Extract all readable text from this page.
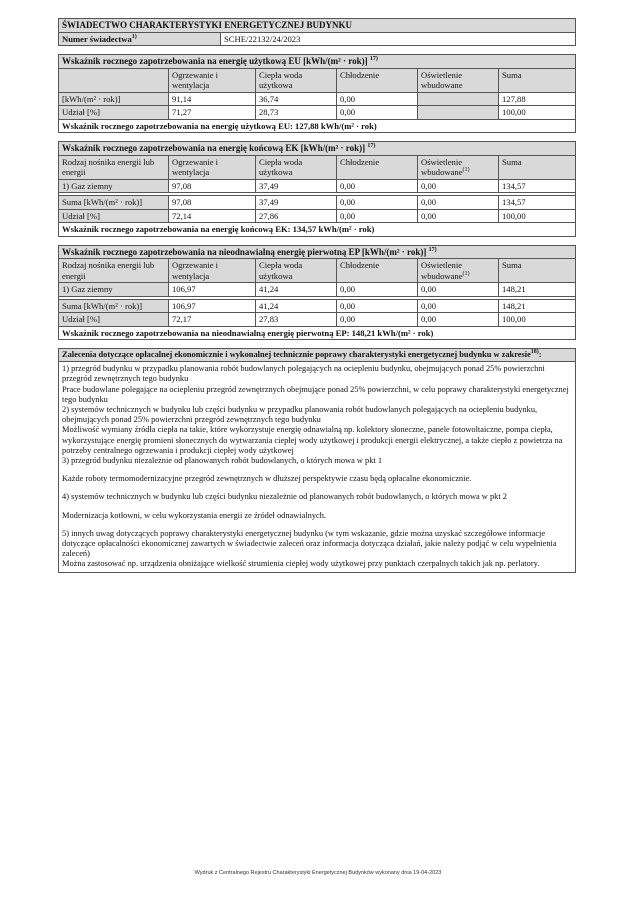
ŚWIADECTWO CHARAKTERYSTYKI ENERGETYCZNEJ BUDYNKU
Numer świadectwa$^{1)}$	SCHE/22132/24/2023
Wskaźnik rocznego zapotrzebowania na energię użytkową EU [kWh/(m² · rok)] $^{17)}$
	Ogrzewanie i wentylacja	Ciepła woda użytkowa	Chłodzenie	Oświetlenie wbudowane	Suma
[kWh/(m² · rok)]	91,14	36,74	0,00		127,88
Udział [%]	71,27	28,73	0,00		100,00
Wskaźnik rocznego zapotrzebowania na energię użytkową EU: 127,88 kWh/(m² · rok)					
Wskaźnik rocznego zapotrzebowania na energię końcową EK [kWh/(m² · rok)] $^{17)}$
Rodzaj nośnika energii lub energii	Ogrzewanie i wentylacja	Ciepła woda użytkowa	Chłodzenie	Oświetlenie wbudowane$^{(1)}$	Suma
1) Gaz ziemny	97,08	37,49	0,00	0,00	134,57

Suma [kWh/(m² · rok)]	97,08	37,49	0,00	0,00	134,57
Udział [%]	72,14	27,86	0,00	0,00	100,00
Wskaźnik rocznego zapotrzebowania na energię końcową EK: 134,57 kWh/(m² · rok)					
Wskaźnik rocznego zapotrzebowania na nieodnawialną energię pierwotną EP [kWh/(m² · rok)] $^{17)}$
Rodzaj nośnika energii lub energii	Ogrzewanie i wentylacja	Ciepła woda użytkowa	Chłodzenie	Oświetlenie wbudowane$^{(1)}$	Suma
1) Gaz ziemny	106,97	41,24	0,00	0,00	148,21

Suma [kWh/(m² · rok)]	106,97	41,24	0,00	0,00	148,21
Udział [%]	72,17	27,83	0,00	0,00	100,00
Wskaźnik rocznego zapotrzebowania na nieodnawialną energię pierwotną EP: 148,21 kWh/(m² · rok)					
Zalecenia dotyczące opłacalnej ekonomicznie i wykonalnej technicznie poprawy charakterystyki energetycznej budynku w zakresie$^{18)}$:

1) przegród budynku w przypadku planowania robót budowlanych polegających na ociepleniu budynku, obejmujących ponad 25% powierzchni przegród zewnętrznych tego budynku
Prace budowlane polegające na ociepleniu przegród zewnętrznych obejmujące ponad 25% powierzchni, w celu poprawy charakterystyki energetycznej tego budynku
2) systemów technicznych w budynku lub części budynku w przypadku planowania robót budowlanych polegających na ociepleniu budynku, obejmujących ponad 25% powierzchni przegród zewnętrznych tego budynku
Możliwość wymiany źródła ciepła na takie, które wykorzystuje energię odnawialną np. kolektory słoneczne, panele fotowoltaiczne, pompa ciepła, wykorzystujące energię promieni słonecznych do wytwarzania ciepłej wody użytkowej i produkcji energii elektrycznej, a także ciepło z powietrza na potrzeby centralnego ogrzewania i produkcji ciepłej wody użytkowej
3) przegród budynku niezależnie od planowanych robót budowlanych, o których mowa w pkt 1
Każde roboty termomodernizacyjne przegród zewnętrznych w dłuższej perspektywie czasu będą opłacalne ekonomicznie.
4) systemów technicznych w budynku lub części budynku niezależnie od planowanych robót budowlanych, o których mowa w pkt 2
Modernizacja kotłowni, w celu wykorzystania energii ze źródeł odnawialnych.
5) innych uwag dotyczących poprawy charakterystyki energetycznej budynku (w tym wskazanie, gdzie można uzyskać szczegółowe informacje dotyczące opłacalności ekonomicznej zawartych w świadectwie zaleceń oraz informacja dotycząca działań, jakie należy podjąć w celu wypełnienia zaleceń)
Można zastosować np. urządzenia obniżające wielkość strumienia ciepłej wody użytkowej przy punktach czerpalnych takich jak np. perlatory.
Wydruk z Centralnego Rejestru Charakterystyki Energetycznej Budynków wykonany dnia 19-04-2023
